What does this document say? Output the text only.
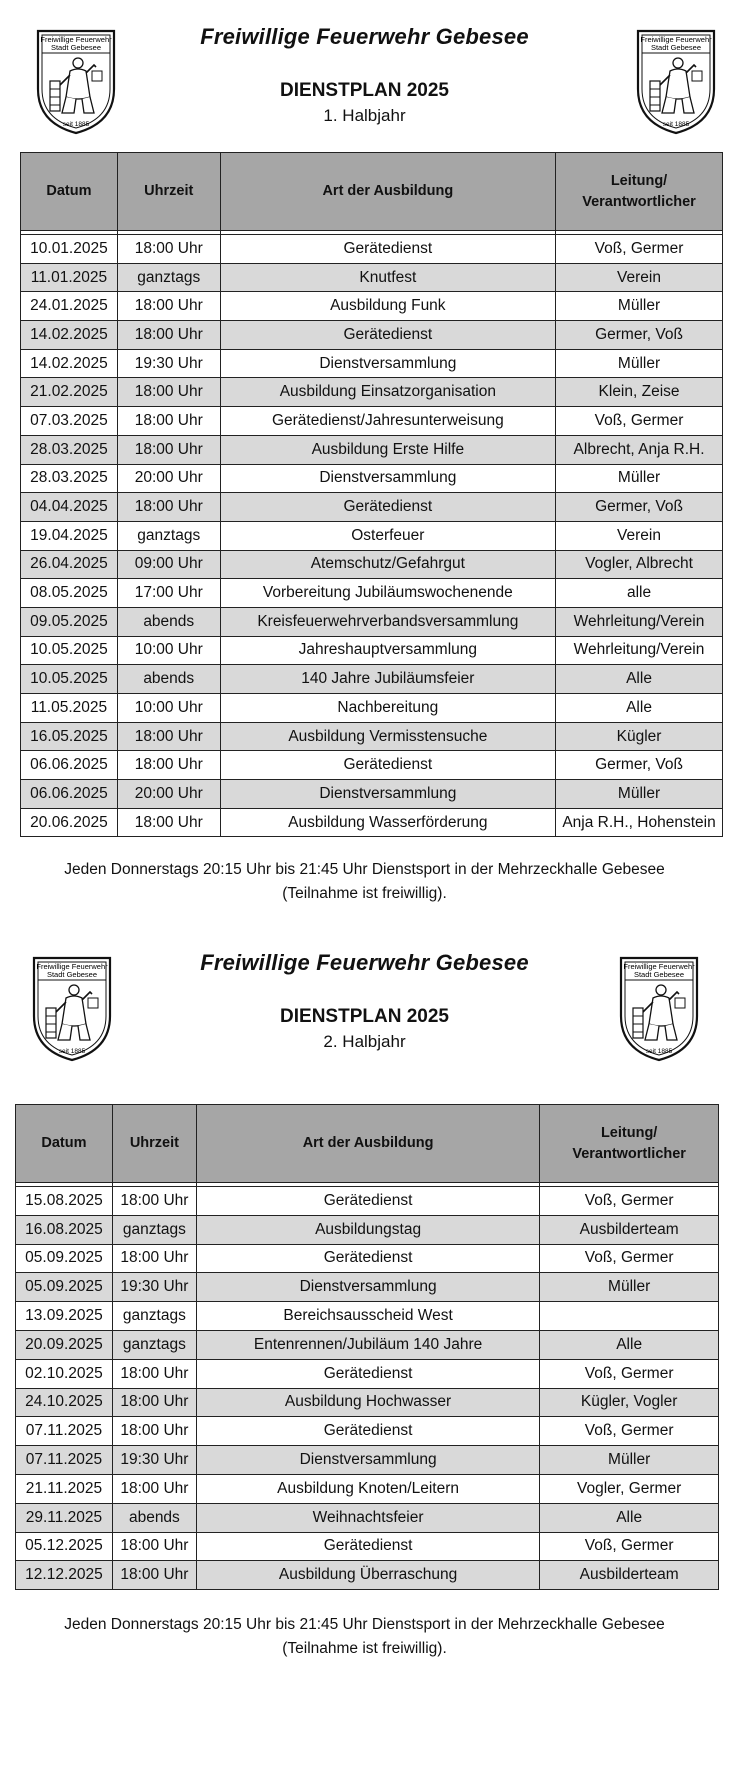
Freiwillige Feuerwehr
Stadt Gebesee
seit 1885
Freiwillige Feuerwehr Gebesee
DIENSTPLAN 2025
1. Halbjahr
Freiwillige Feuerwehr
Stadt Gebesee
seit 1885
Datum	Uhrzeit	Art der Ausbildung	Leitung/
Verantwortlicher

10.01.2025	18:00 Uhr	Gerätedienst	Voß, Germer
11.01.2025	ganztags	Knutfest	Verein
24.01.2025	18:00 Uhr	Ausbildung Funk	Müller
14.02.2025	18:00 Uhr	Gerätedienst	Germer, Voß
14.02.2025	19:30 Uhr	Dienstversammlung	Müller
21.02.2025	18:00 Uhr	Ausbildung Einsatzorganisation	Klein, Zeise
07.03.2025	18:00 Uhr	Gerätedienst/Jahresunterweisung	Voß, Germer
28.03.2025	18:00 Uhr	Ausbildung Erste Hilfe	Albrecht, Anja R.H.
28.03.2025	20:00 Uhr	Dienstversammlung	Müller
04.04.2025	18:00 Uhr	Gerätedienst	Germer, Voß
19.04.2025	ganztags	Osterfeuer	Verein
26.04.2025	09:00 Uhr	Atemschutz/Gefahrgut	Vogler, Albrecht
08.05.2025	17:00 Uhr	Vorbereitung Jubiläumswochenende	alle
09.05.2025	abends	Kreisfeuerwehrverbandsversammlung	Wehrleitung/Verein
10.05.2025	10:00 Uhr	Jahreshauptversammlung	Wehrleitung/Verein
10.05.2025	abends	140 Jahre Jubiläumsfeier	Alle
11.05.2025	10:00 Uhr	Nachbereitung	Alle
16.05.2025	18:00 Uhr	Ausbildung Vermisstensuche	Kügler
06.06.2025	18:00 Uhr	Gerätedienst	Germer, Voß
06.06.2025	20:00 Uhr	Dienstversammlung	Müller
20.06.2025	18:00 Uhr	Ausbildung Wasserförderung	Anja R.H., Hohenstein
Jeden Donnerstags 20:15 Uhr bis 21:45 Uhr Dienstsport in der Mehrzeckhalle Gebesee (Teilnahme ist freiwillig).
Freiwillige Feuerwehr
Stadt Gebesee
seit 1885
Freiwillige Feuerwehr Gebesee
DIENSTPLAN 2025
2. Halbjahr
Freiwillige Feuerwehr
Stadt Gebesee
seit 1885
Datum	Uhrzeit	Art der Ausbildung	Leitung/
Verantwortlicher

15.08.2025	18:00 Uhr	Gerätedienst	Voß, Germer
16.08.2025	ganztags	Ausbildungstag	Ausbilderteam
05.09.2025	18:00 Uhr	Gerätedienst	Voß, Germer
05.09.2025	19:30 Uhr	Dienstversammlung	Müller
13.09.2025	ganztags	Bereichsausscheid West	
20.09.2025	ganztags	Entenrennen/Jubiläum 140 Jahre	Alle
02.10.2025	18:00 Uhr	Gerätedienst	Voß, Germer
24.10.2025	18:00 Uhr	Ausbildung Hochwasser	Kügler, Vogler
07.11.2025	18:00 Uhr	Gerätedienst	Voß, Germer
07.11.2025	19:30 Uhr	Dienstversammlung	Müller
21.11.2025	18:00 Uhr	Ausbildung Knoten/Leitern	Vogler, Germer
29.11.2025	abends	Weihnachtsfeier	Alle
05.12.2025	18:00 Uhr	Gerätedienst	Voß, Germer
12.12.2025	18:00 Uhr	Ausbildung Überraschung	Ausbilderteam
Jeden Donnerstags 20:15 Uhr bis 21:45 Uhr Dienstsport in der Mehrzeckhalle Gebesee (Teilnahme ist freiwillig).
